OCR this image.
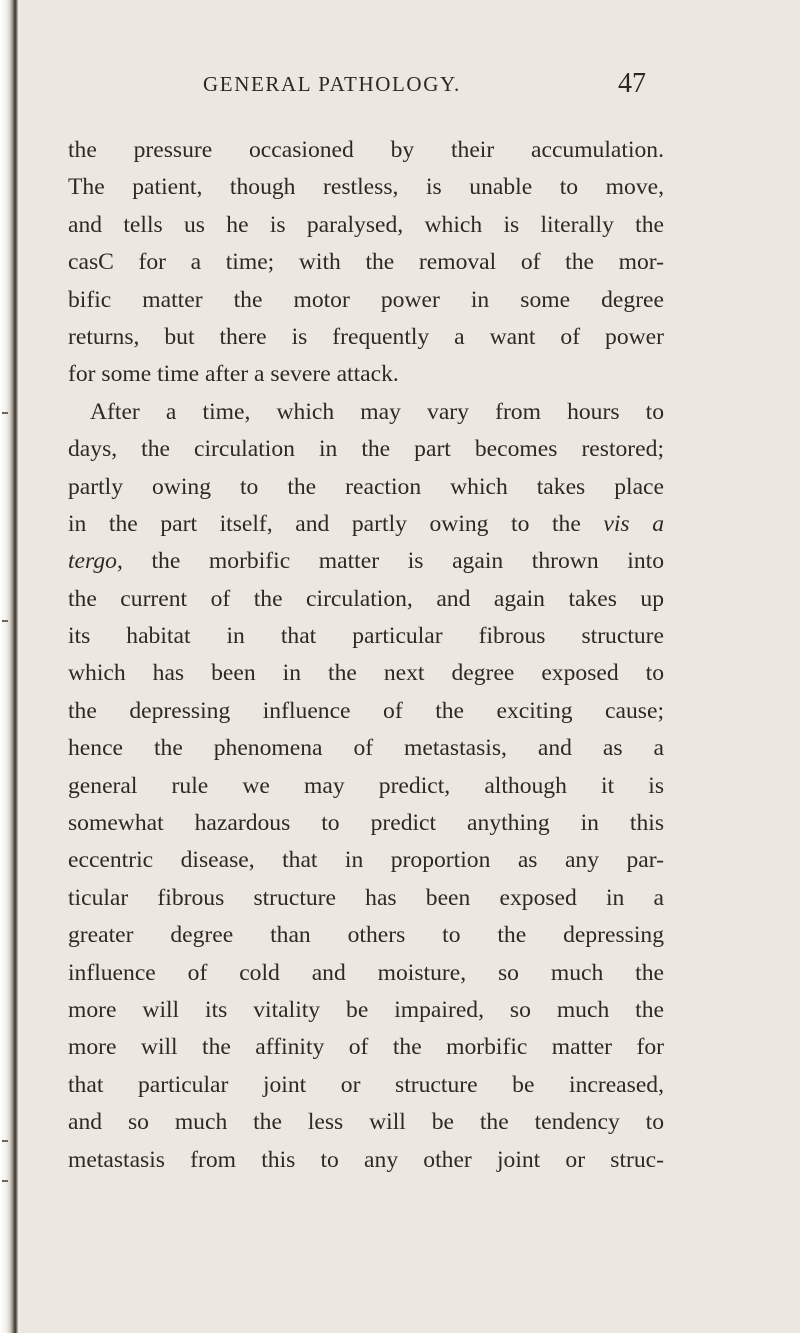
GENERAL PATHOLOGY.	47
the pressure occasioned by their accumulation.
The patient, though restless, is unable to move,
and tells us he is paralysed, which is literally the
casC for a time; with the removal of the mor-
bific matter the motor power in some degree
returns, but there is frequently a want of power
for some time after a severe attack.
After a time, which may vary from hours to
days, the circulation in the part becomes restored;
partly owing to the reaction which takes place
in the part itself, and partly owing to the vis a
tergo, the morbific matter is again thrown into
the current of the circulation, and again takes up
its habitat in that particular fibrous structure
which has been in the next degree exposed to
the depressing influence of the exciting cause;
hence the phenomena of metastasis, and as a
general rule we may predict, although it is
somewhat hazardous to predict anything in this
eccentric disease, that in proportion as any par-
ticular fibrous structure has been exposed in a
greater degree than others to the depressing
influence of cold and moisture, so much the
more will its vitality be impaired, so much the
more will the affinity of the morbific matter for
that particular joint or structure be increased,
and so much the less will be the tendency to
metastasis from this to any other joint or struc-
